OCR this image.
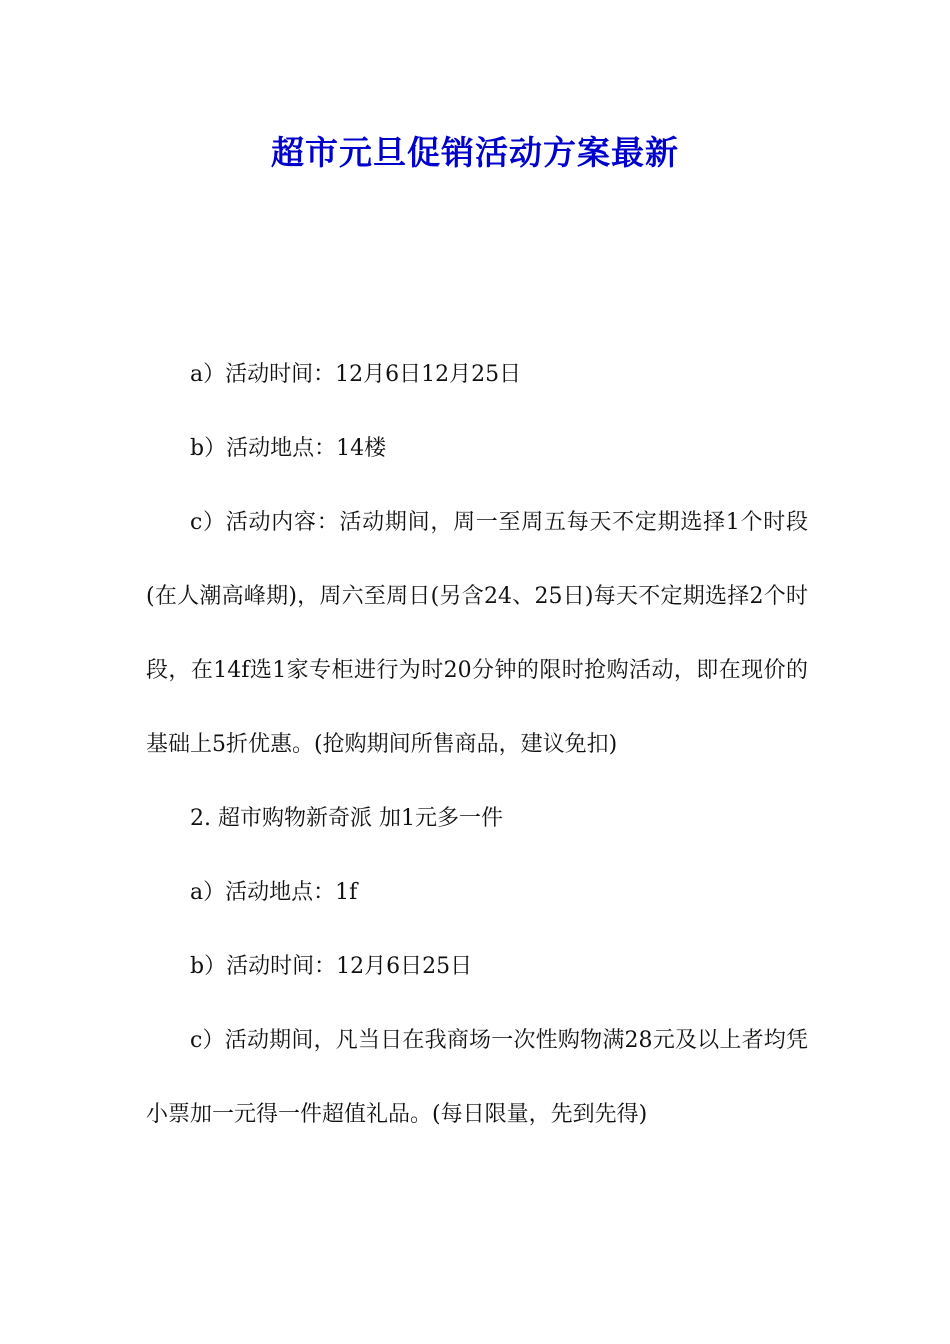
超市元旦促销活动方案最新

a）活动时间：12月6日12月25日

b）活动地点：14楼

c）活动内容：活动期间，周一至周五每天不定期选择1个时段(在人潮高峰期)，周六至周日(另含24、25日)每天不定期选择2个时段，在14f选1家专柜进行为时20分钟的限时抢购活动，即在现价的基础上5折优惠。(抢购期间所售商品，建议免扣)

2. 超市购物新奇派 加1元多一件

a）活动地点：1f

b）活动时间：12月6日25日

c）活动期间，凡当日在我商场一次性购物满28元及以上者均凭小票加一元得一件超值礼品。(每日限量，先到先得)
